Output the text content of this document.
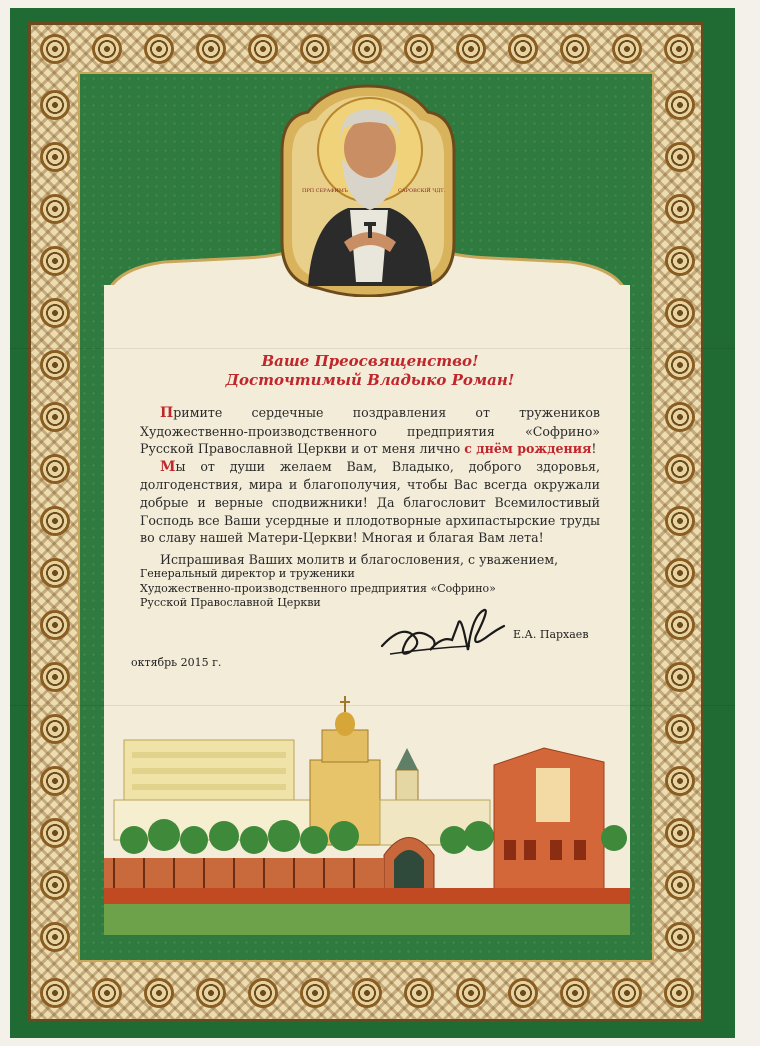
ПРП СЕРАФИМЪ	САРОВСКIЙ ЧДТ.

Ваше Преосвященство!

Досточтимый Владыко Роман!

Примите сердечные поздравления от тружеников Художественно-производственного предприятия «Софрино» Русской Православной Церкви и от меня лично с днём рождения!

Мы от души желаем Вам, Владыко, доброго здоровья, долгоденствия, мира и благополучия, чтобы Вас всегда окружали добрые и верные сподвижники! Да благословит Всемилостивый Господь все Ваши усердные и плодотворные архипастырские труды во славу нашей Матери-Церкви! Многая и благая Вам лета!

Испрашивая Ваших молитв и благословения, с уважением,

Генеральный директор и труженики
Художественно-производственного предприятия «Софрино»
Русской Православной Церкви
Е.А. Пархаев
октябрь 2015 г.
